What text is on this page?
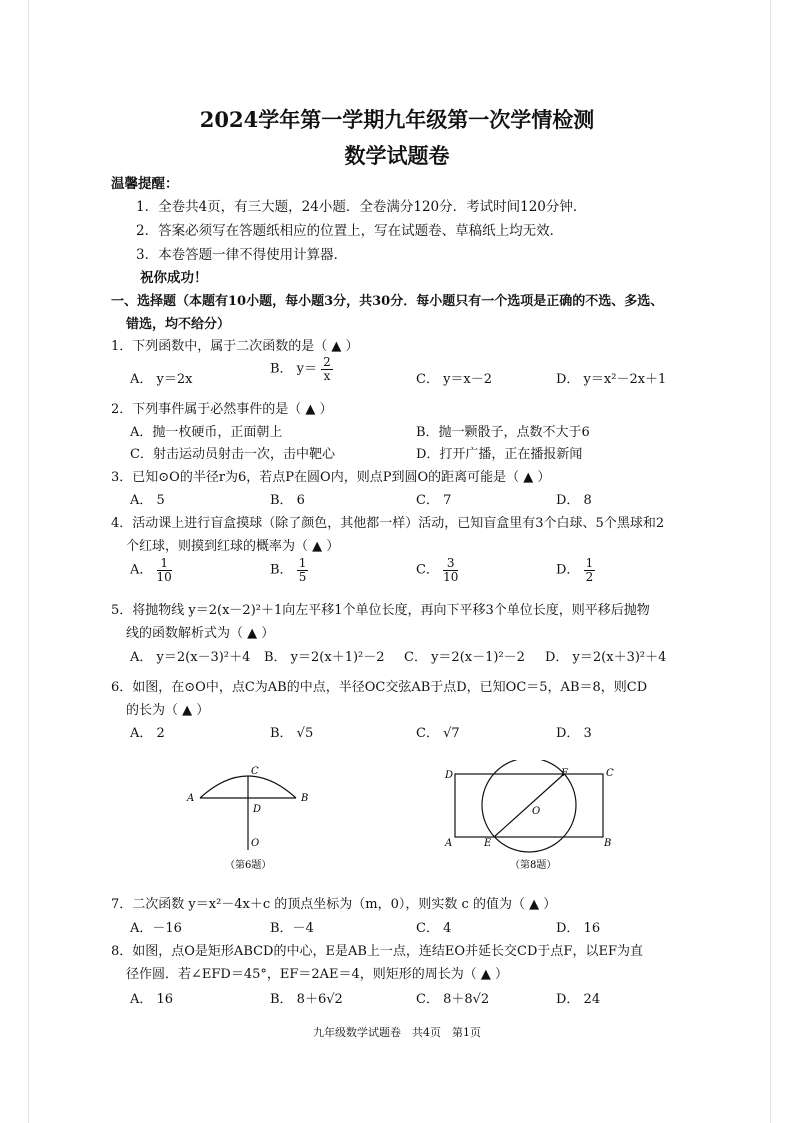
2024学年第一学期九年级第一次学情检测
数学试题卷
温馨提醒：
1．全卷共4页，有三大题，24小题．全卷满分120分．考试时间120分钟．
2．答案必须写在答题纸相应的位置上，写在试题卷、草稿纸上均无效．
3．本卷答题一律不得使用计算器．
祝你成功！
一、选择题（本题有10小题，每小题3分，共30分．每小题只有一个选项是正确的不选、多选、
错选，均不给分）
1．下列函数中，属于二次函数的是（ ▲ ）
A． y＝2x
B． $y= \frac{2}{x}$	C． y＝x－2	D． y＝x²－2x＋1
2．下列事件属于必然事件的是（ ▲ ）
A．抛一枚硬币，正面朝上	B．抛一颗骰子，点数不大于6
C．射击运动员射击一次，击中靶心	D．打开广播，正在播报新闻
3．已知⊙O的半径r为6，若点P在圆O内，则点P到圆O的距离可能是（ ▲ ）
A． 5	B． 6	C． 7	D． 8
4．活动课上进行盲盒摸球（除了颜色，其他都一样）活动，已知盲盒里有3个白球、5个黑球和2
个红球，则摸到红球的概率为（ ▲ ）
A． $\frac{1}{10}$	B． $\frac{1}{5}$	C． $\frac{3}{10}$	D． $\frac{1}{2}$
5．将抛物线 y＝2(x－2)²＋1向左平移1个单位长度，再向下平移3个单位长度，则平移后抛物
线的函数解析式为（ ▲ ）
A． y＝2(x－3)²＋4 B． y＝2(x＋1)²－2 C． y＝2(x－1)²－2 D． y＝2(x＋3)²＋4
6．如图，在⊙O中，点C为AB的中点，半径OC交弦AB于点D，已知OC＝5，AB＝8，则CD
的长为（ ▲ ）
A． 2	B． √5	C． √7	D． 3
C
A	B
D
O
（第6题）
D	F	C
O
A	E	B
（第8题）
7．二次函数 y＝x²－4x＋c 的顶点坐标为（m，0），则实数 c 的值为（ ▲ ）
A．－16	B．－4	C． 4	D． 16
8．如图，点O是矩形ABCD的中心，E是AB上一点，连结EO并延长交CD于点F，以EF为直
径作圆．若∠EFD＝45°，EF＝2AE＝4，则矩形的周长为（ ▲ ）
A． 16	B． 8＋6√2	C． 8＋8√2	D． 24
九年级数学试题卷　共4页　第1页
